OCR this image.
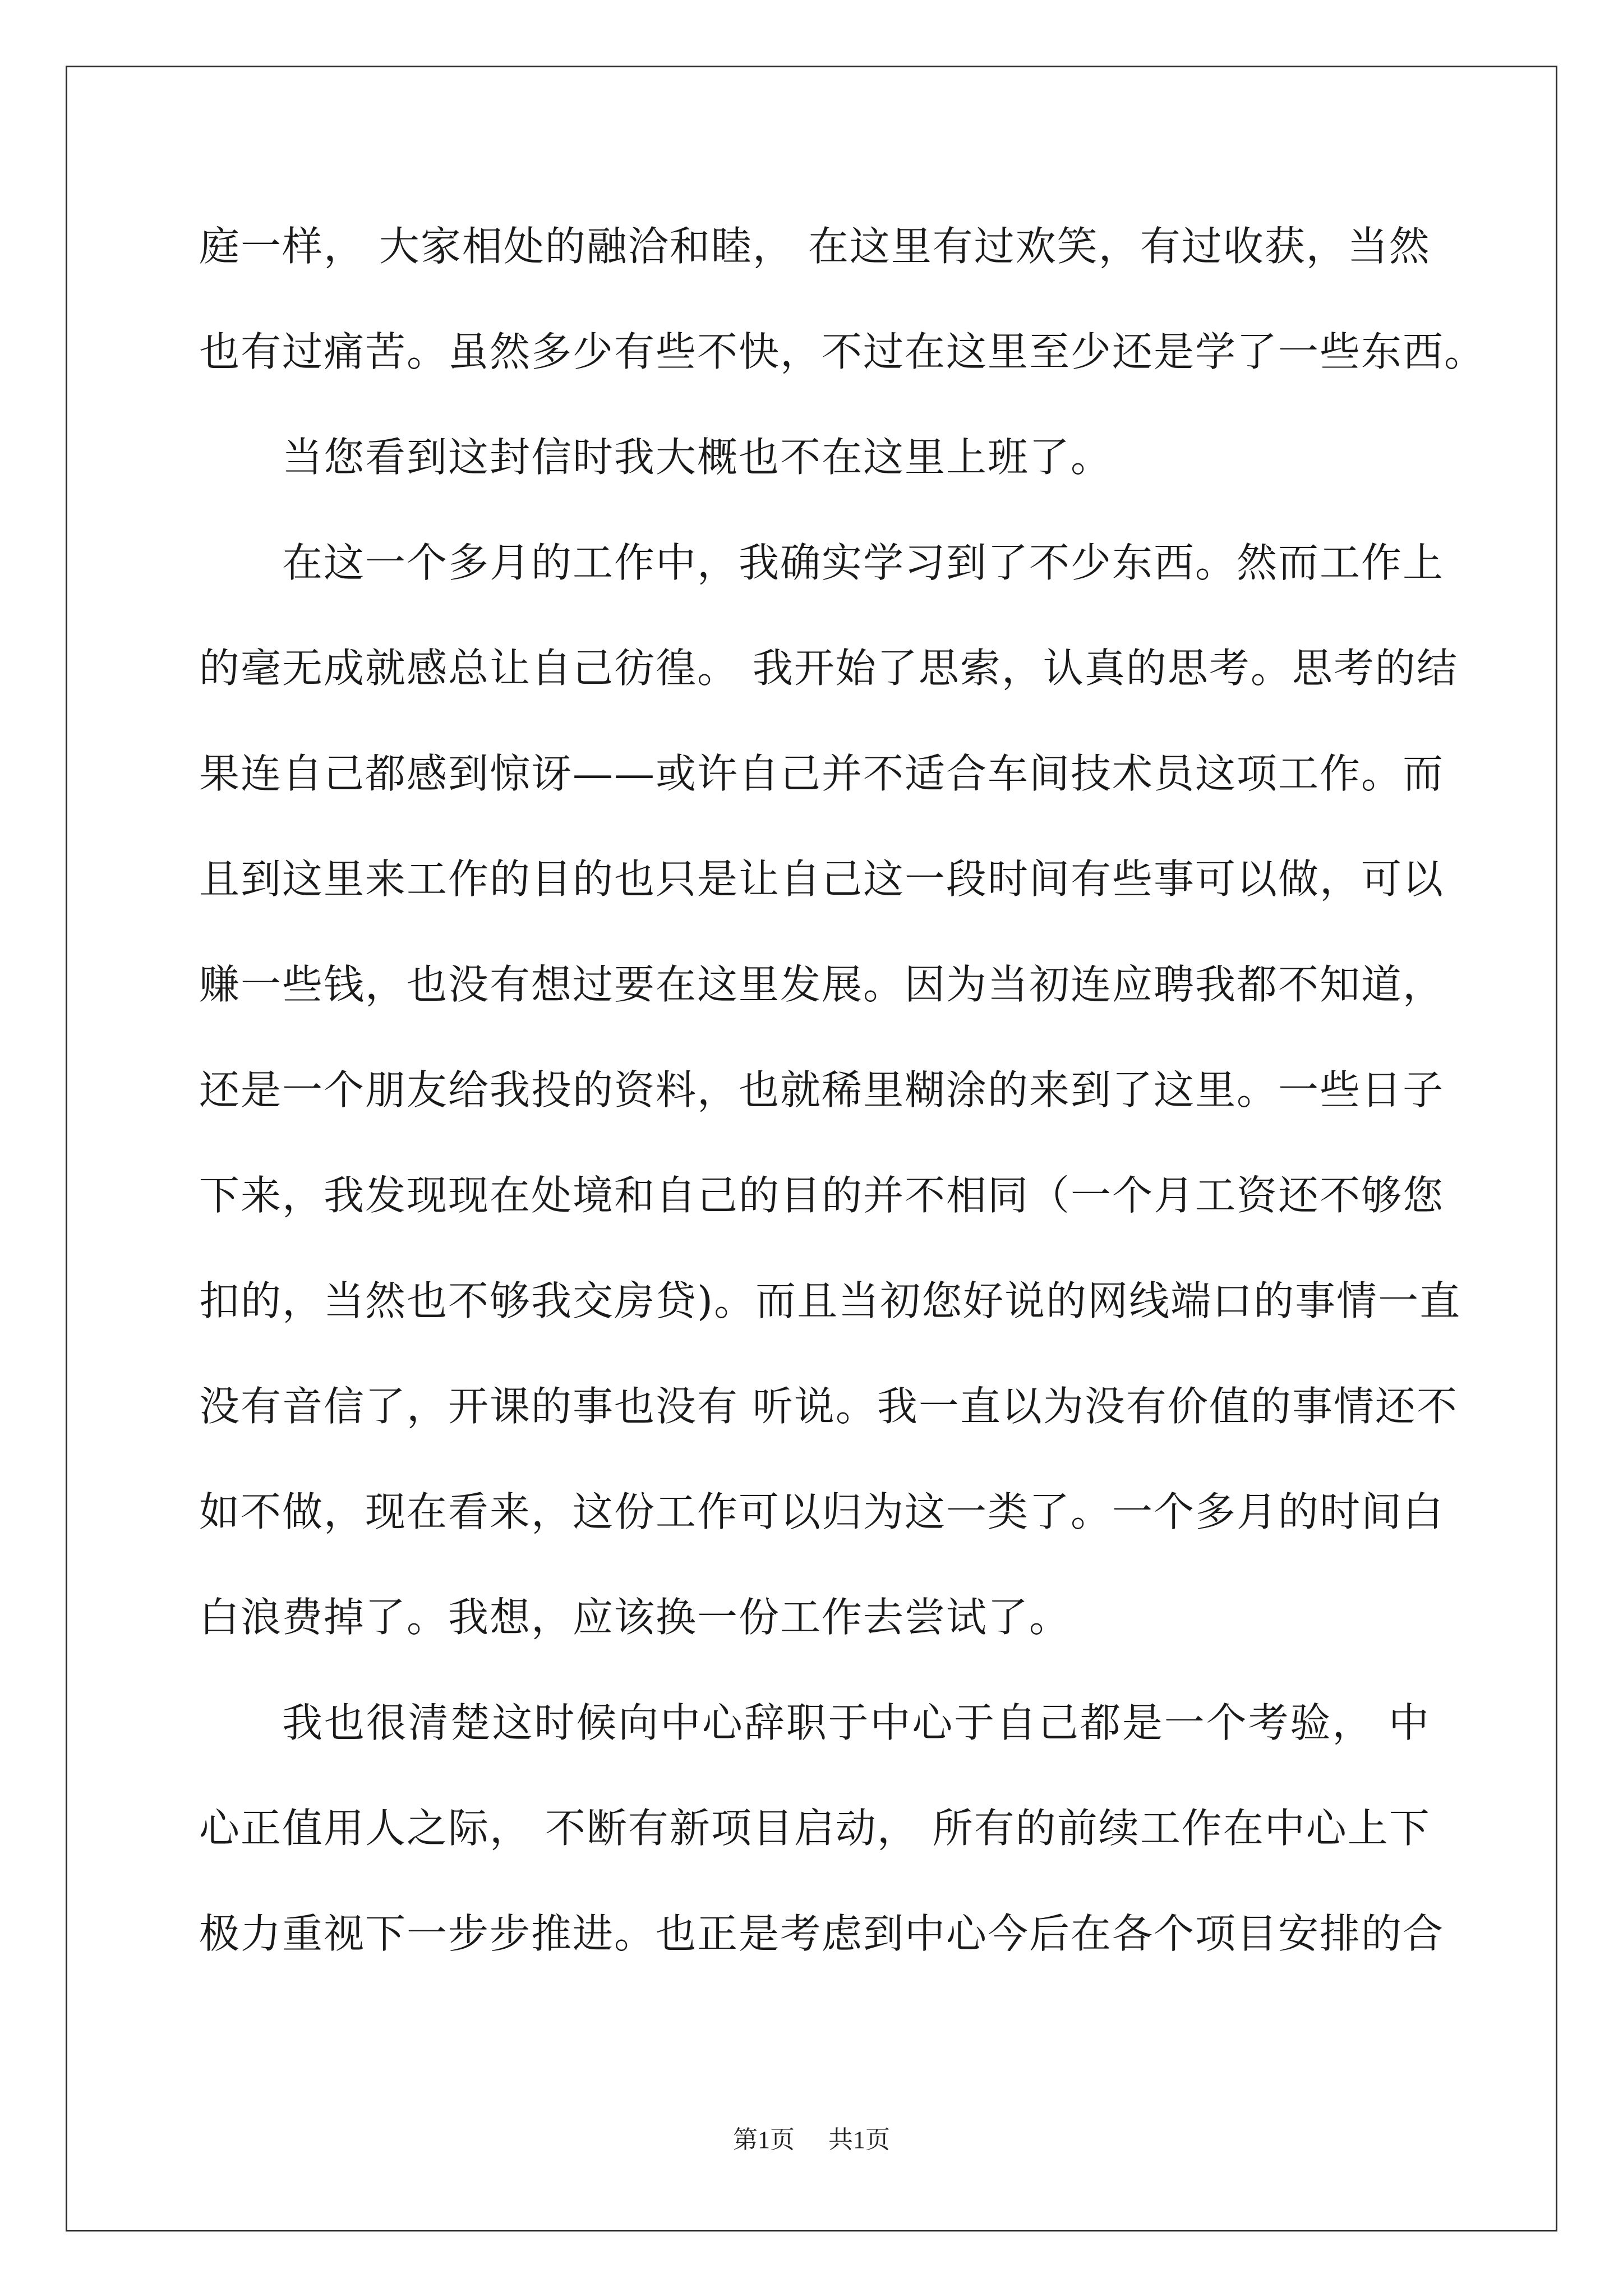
庭一样， 大家相处的融洽和睦， 在这里有过欢笑，有过收获，当然
也有过痛苦。虽然多少有些不快，不过在这里至少还是学了一些东西。
当您看到这封信时我大概也不在这里上班了。
在这一个多月的工作中，我确实学习到了不少东西。然而工作上
的毫无成就感总让自己彷徨。 我开始了思索，认真的思考。思考的结
果连自己都感到惊讶——或许自己并不适合车间技术员这项工作。而
且到这里来工作的目的也只是让自己这一段时间有些事可以做，可以
赚一些钱，也没有想过要在这里发展。因为当初连应聘我都不知道，
还是一个朋友给我投的资料，也就稀里糊涂的来到了这里。一些日子
下来，我发现现在处境和自己的目的并不相同（一个月工资还不够您
扣的，当然也不够我交房贷)。而且当初您好说的网线端口的事情一直
没有音信了，开课的事也没有 听说。我一直以为没有价值的事情还不
如不做，现在看来，这份工作可以归为这一类了。一个多月的时间白
白浪费掉了。我想，应该换一份工作去尝试了。
我也很清楚这时候向中心辞职于中心于自己都是一个考验， 中
心正值用人之际， 不断有新项目启动， 所有的前续工作在中心上下
极力重视下一步步推进。也正是考虑到中心今后在各个项目安排的合
第1页 共1页
